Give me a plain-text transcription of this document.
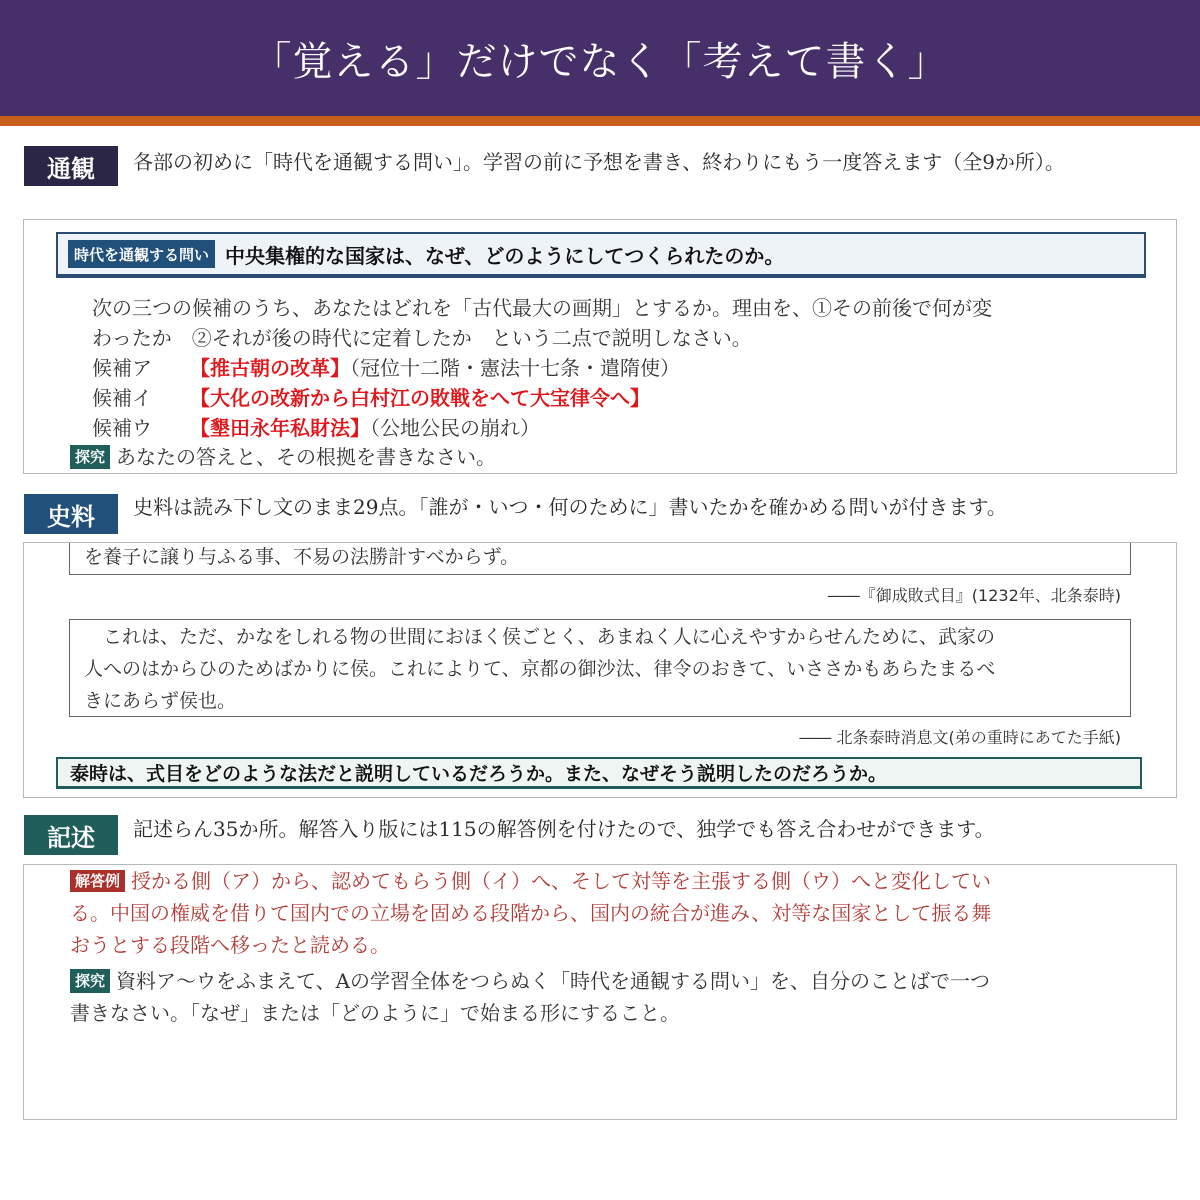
「覚える」だけでなく「考えて書く」
通観 各部の初めに「時代を通観する問い」。学習の前に予想を書き、終わりにもう一度答えます（全9か所）。
時代を通観する問い 中央集権的な国家は、なぜ、どのようにしてつくられたのか。
次の三つの候補のうち、あなたはどれを「古代最大の画期」とするか。理由を、①その前後で何が変
わったか　②それが後の時代に定着したか　という二点で説明しなさい。
候補ア 【推古朝の改革】（冠位十二階・憲法十七条・遣隋使）
候補イ 【大化の改新から白村江の敗戦をへて大宝律令へ】
候補ウ 【墾田永年私財法】（公地公民の崩れ）
探究 あなたの答えと、その根拠を書きなさい。
史料 史料は読み下し文のまま29点。「誰が・いつ・何のために」書いたかを確かめる問いが付きます。
を養子に譲り与ふる事、不易の法勝計すべからず。
――『御成敗式目』(1232年、北条泰時)
　これは、ただ、かなをしれる物の世間におほく侯ごとく、あまねく人に心えやすからせんために、武家の
人へのはからひのためばかりに侯。これによりて、京都の御沙汰、律令のおきて、いささかもあらたまるべ
きにあらず侯也。
―― 北条泰時消息文(弟の重時にあてた手紙)
泰時は、式目をどのような法だと説明しているだろうか。また、なぜそう説明したのだろうか。
記述 記述らん35か所。解答入り版には115の解答例を付けたので、独学でも答え合わせができます。
解答例 授かる側（ア）から、認めてもらう側（イ）へ、そして対等を主張する側（ウ）へと変化してい
る。中国の権威を借りて国内での立場を固める段階から、国内の統合が進み、対等な国家として振る舞
おうとする段階へ移ったと読める。
探究 資料ア～ウをふまえて、Aの学習全体をつらぬく「時代を通観する問い」を、自分のことばで一つ
書きなさい。「なぜ」または「どのように」で始まる形にすること。
